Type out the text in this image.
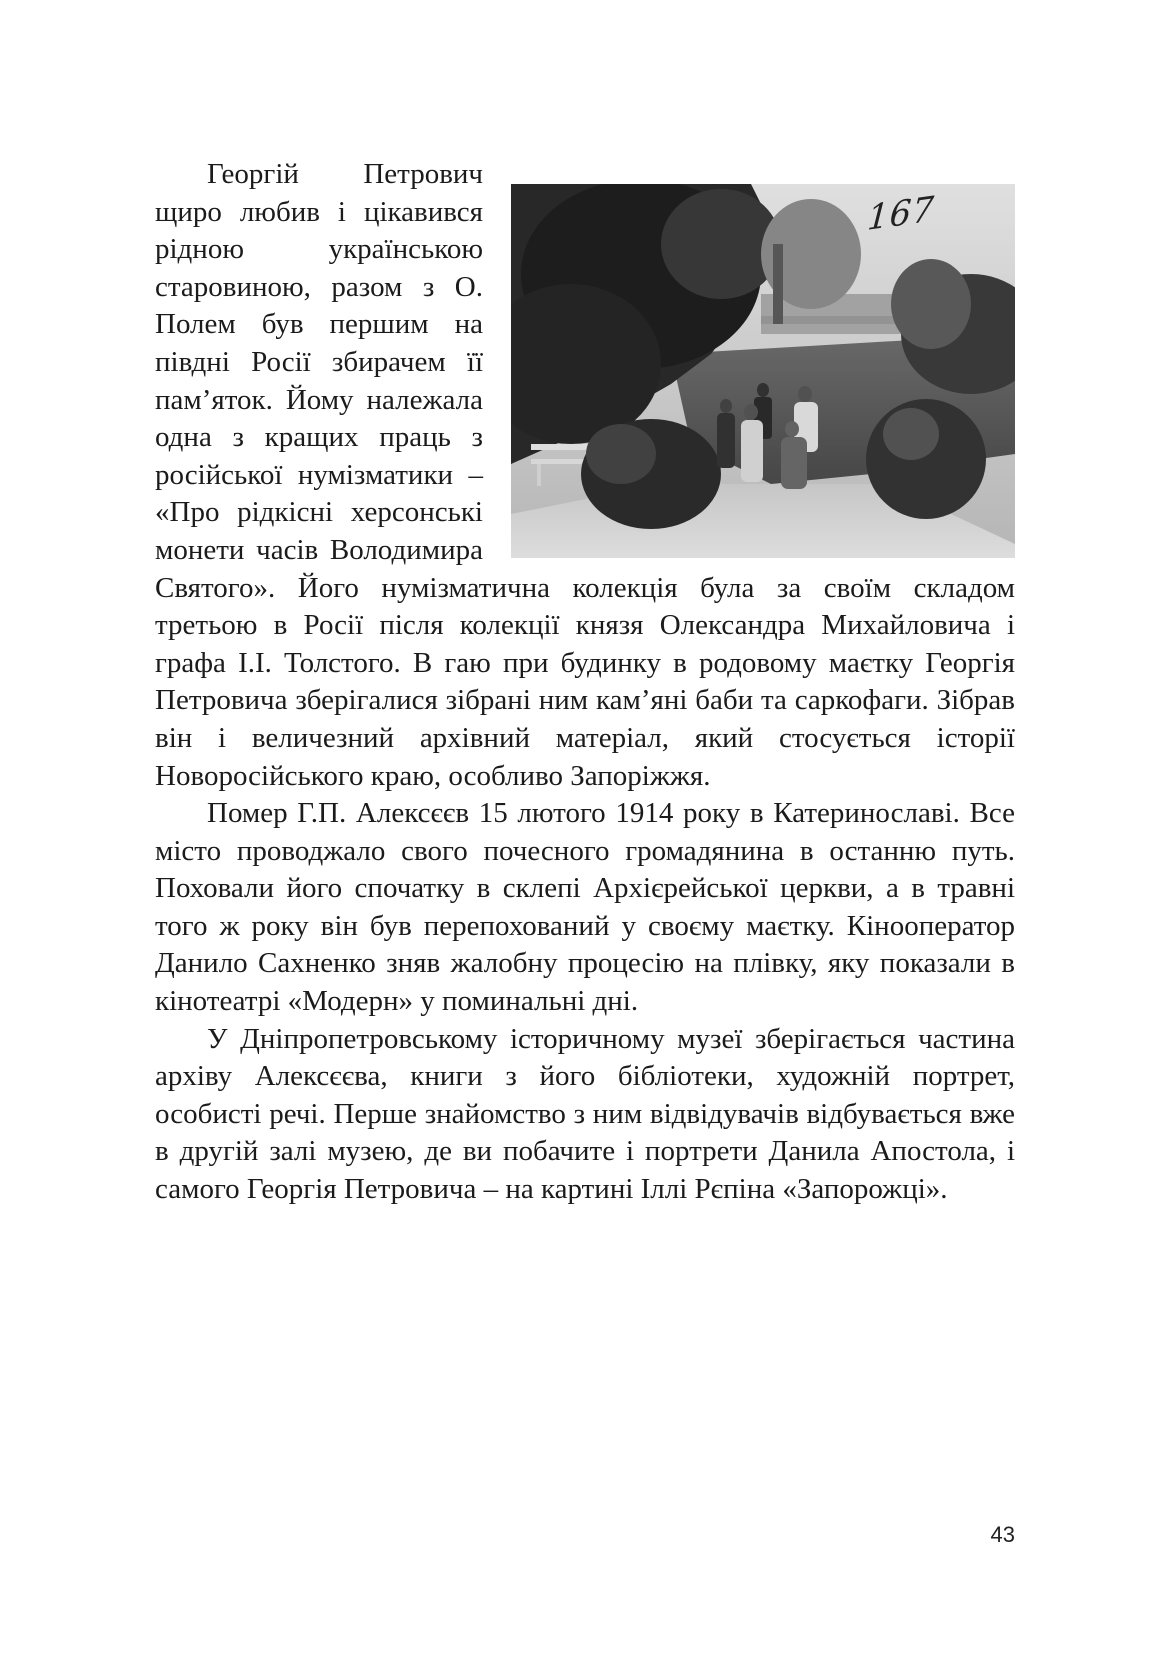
167

Георгій Петрович щиро любив і цікавився рідною українською старовиною, разом з О. Полем був першим на півдні Росії збирачем її пам’яток. Йому належала одна з кращих праць з російської нумізматики – «Про рідкісні херсонські монети часів Володимира Святого». Його нумізматична колекція була за своїм складом третьою в Росії після колекції князя Олександра Михайловича і графа І.І. Толстого. В гаю при будинку в родовому маєтку Георгія Петровича зберігалися зібрані ним кам’яні баби та саркофаги. Зібрав він і величезний архівний матеріал, який стосується історії Новоросійського краю, особливо Запоріжжя.

Помер Г.П. Алексєєв 15 лютого 1914 року в Катеринославі. Все місто проводжало свого почесного громадянина в останню путь. Поховали його спочатку в склепі Архієрейської церкви, а в травні того ж року він був перепохований у своєму маєтку. Кінооператор Данило Сахненко зняв жалобну процесію на плівку, яку показали в кінотеатрі «Модерн» у поминальні дні.

У Дніпропетровському історичному музеї зберігається частина архіву Алексєєва, книги з його бібліотеки, художній портрет, особисті речі. Перше знайомство з ним відвідувачів відбувається вже в другій залі музею, де ви побачите і портрети Данила Апостола, і самого Георгія Петровича – на картині Іллі Рєпіна «Запорожці».

43
